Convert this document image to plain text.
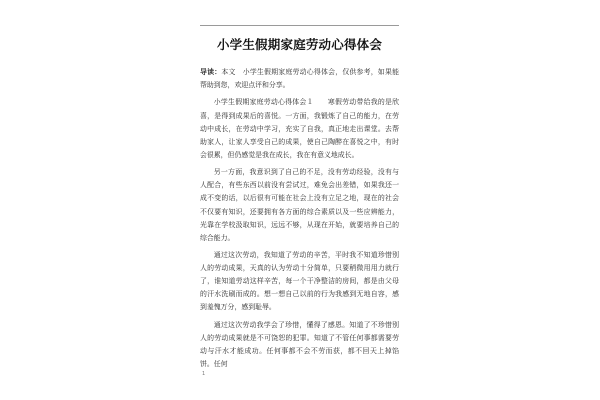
小学生假期家庭劳动心得体会

导读：本文　小学生假期家庭劳动心得体会，仅供参考，如果能帮助到您，欢迎点评和分享。

小学生假期家庭劳动心得体会１　　寒假劳动带给我的是欣喜，是得到成果后的喜悦。一方面，我锻炼了自己的能力，在劳动中成长，在劳动中学习，充实了自我，真正地走出课堂。去帮助家人，让家人享受自己的成果，使自己陶醉在喜悦之中，有时会很累，但仍感觉是我在成长，我在有意义地成长。

另一方面，我意识到了自己的不足，没有劳动经验，没有与人配合，有些东西以前没有尝试过，难免会出差错，如果我还一成不变的话，以后很有可能在社会上没有立足之地，现在的社会不仅要有知识，还要拥有各方面的综合素质以及一些应辨能力，光靠在学校汲取知识，远远不够，从现在开始，就要培养自己的综合能力。

通过这次劳动，我知道了劳动的辛苦，平时我不知道珍惜别人的劳动成果，天真的认为劳动十分简单，只要稍微用用力就行了，谁知道劳动这样辛苦，每一个干净整洁的房间，都是由父母的汗水洗刷而成的。想一想自己以前的行为我感到无地自容，感到羞愧万分，感到耻辱。

通过这次劳动我学会了珍惜，懂得了感恩。知道了不珍惜别人的劳动成果就是不可饶恕的犯罪。知道了不管任何事都需要劳动与汗水才能成功。任何事都不会不劳而获，都不回天上掉馅饼。任何

1
